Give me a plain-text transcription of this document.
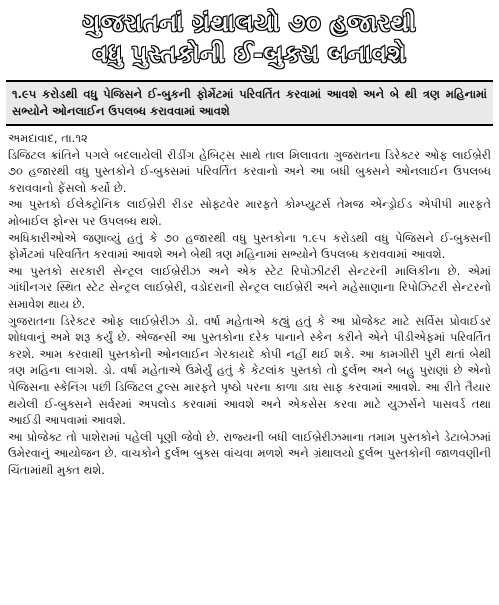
ગુજરાતનાં ગ્રંથાલયો ૭૦ હજારથી
વધુ પુસ્તકોની ઈ-બુક્સ બનાવશે
૧.૯૫ કરોડથી વધુ પેજિસને ઈ-બુકની ફોર્મેટમાં પરિવર્તિત કરવામાં આવશે અને બે થી ત્રણ મહિનામાં સભ્યોને ઓનલાઈન ઉપલબ્ધ કરાવવામાં આવશે

અમદાવાદ, તા.૧૨

ડિજિટલ ક્રાંતિને પગલે બદલાયેલી રીડીંગ હેબિટ્સ સાથે તાલ મિલાવતા ગુજરાતના ડિરેક્ટર ઓફ લાઈબ્રેરી ૭૦ હજારથી વધુ પુસ્તકોને ઈ-બુક્સમાં પરિવર્તિત કરવાનો અને આ બધી બુક્સને ઓનલાઈન ઉપલબ્ધ કરાવવાનો ફેંસલો કર્યો છે.

આ પુસ્તકો ઈલેક્ટ્રોનિક લાઈબ્રેરી રીડર સોફ્ટવેર મારફતે કોમ્પ્યુટર્સ તેમજ એન્ડ્રોઈડ એપીપી મારફતે મોબાઈલ ફોન્સ પર ઉપલબ્ધ થશે.

અધિકારીઓએ જણાવ્યું હતું કે ૭૦ હજારથી વધુ પુસ્તકોના ૧.૯૫ કરોડથી વધુ પેજિસને ઈ-બુક્સની ફોર્મેટમાં પરિવર્તિત કરવામાં આવશે અને બેથી ત્રણ મહિનામાં સભ્યોને ઉપલબ્ધ કરાવવામાં આવશે.

આ પુસ્તકો સરકારી સેન્ટ્રલ લાઈબ્રેરીઝ અને એક સ્ટેટ રિપોઝીટરી સેન્ટરની માલિકીના છે. એમાં ગાંધીનગર સ્થિત સ્ટેટ સેન્ટ્રલ લાઈબ્રેરી, વડોદરાની સેન્ટ્રલ લાઈબ્રેરી અને મહેસાણાના રિપોઝિટરી સેન્ટરનો સમાવેશ થાય છે.

ગુજરાતના ડિરેક્ટર ઓફ લાઈબ્રેરીઝ ડો. વર્ષા મહેતાએ કહ્યું હતું કે આ પ્રોજેક્ટ માટે સર્વિસ પ્રોવાઈડર શોધવાનું અમે શરૂ કર્યું છે. એજન્સી આ પુસ્તકોના દરેક પાનાને સ્કેન કરીને એને પીડીએફમાં પરિવર્તિત કરશે. આમ કરવાથી પુસ્તકોની ઓનલાઈન ગેરકાયદે કોપી નહીં થઈ શકે. આ કામગીરી પુરી થતાં બેથી ત્રણ મહિના લાગશે. ડો. વર્ષા મહેતાએ ઉમેર્યું હતું કે કેટલાંક પુસ્તકો તો દુર્લભ અને બહુ પુરાણાં છે એનો પેજિસના સ્કેનિંગ પછી ડિજિટલ ટુલ્સ મારફતે પૃષ્ઠો પરના કાળા ડાઘ સાફ કરવામાં આવશે. આ રીતે તૈયાર થયેલી ઈ-બુક્સને સર્વરમાં અપલોડ કરવામાં આવશે અને એકસેસ કરવા માટે યુઝર્સને પાસવર્ડ તથા આઈડી આપવામાં આવશે.

આ પ્રોજેક્ટ તો પાશેરામાં પહેલી પૂણી જેવો છે. રાજ્યની બધી લાઈબ્રેરીઝમાના તમામ પુસ્તકોને ડેટાબેઝમાં ઉમેરવાનું આયોજન છે. વાચકોને દુર્લભ બુક્સ વાંચવા મળશે અને ગ્રંથાલયો દુર્લભ પુસ્તકોની જાળવણીની ચિંતામાંથી મુક્ત થશે.
